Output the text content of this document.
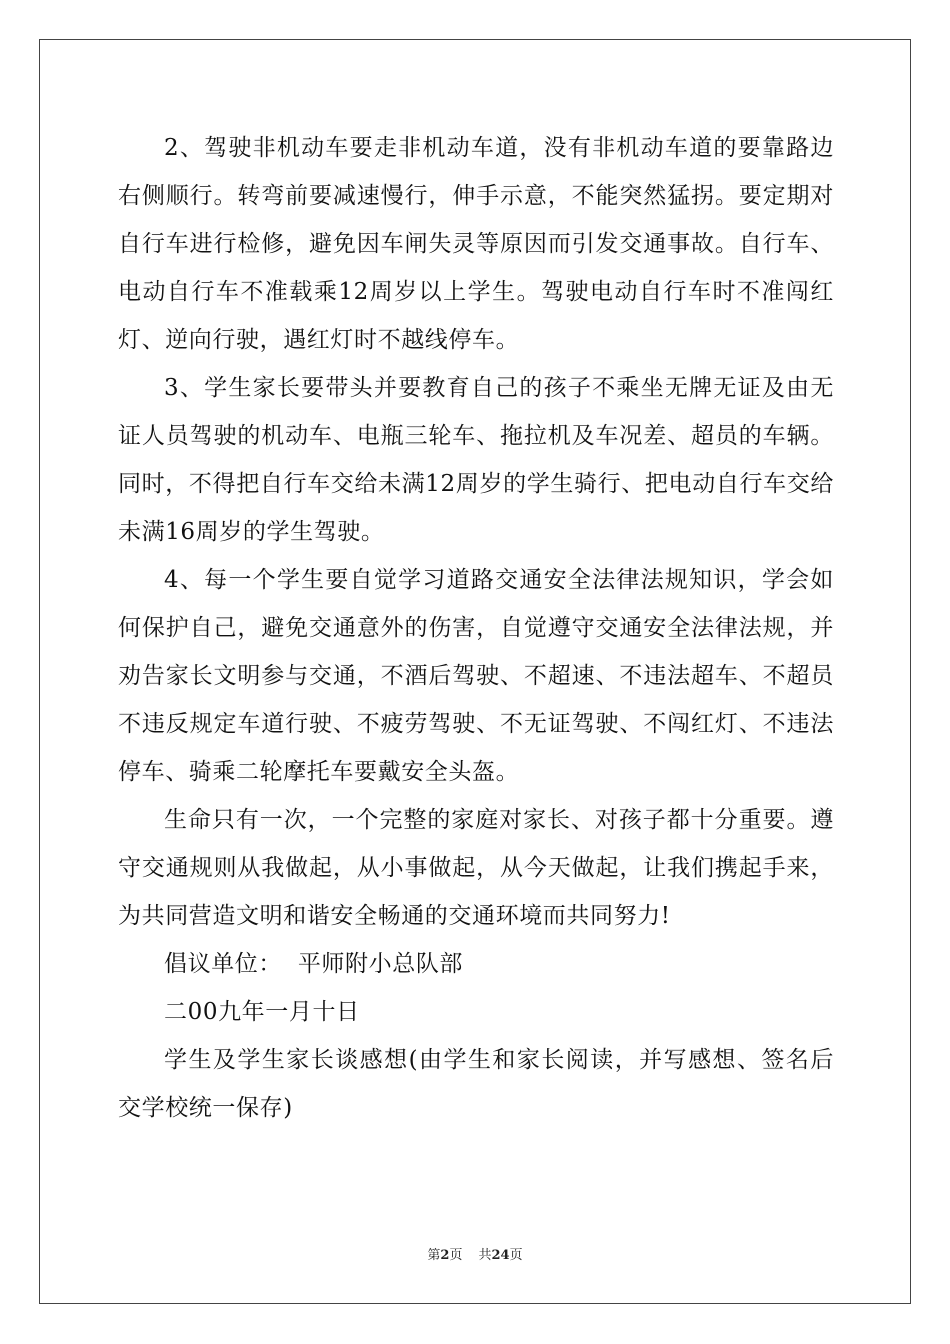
2、驾驶非机动车要走非机动车道，没有非机动车道的要靠路边右侧顺行。转弯前要减速慢行，伸手示意，不能突然猛拐。要定期对自行车进行检修，避免因车闸失灵等原因而引发交通事故。自行车、电动自行车不准载乘12周岁以上学生。驾驶电动自行车时不准闯红灯、逆向行驶，遇红灯时不越线停车。

3、学生家长要带头并要教育自己的孩子不乘坐无牌无证及由无证人员驾驶的机动车、电瓶三轮车、拖拉机及车况差、超员的车辆。同时，不得把自行车交给未满12周岁的学生骑行、把电动自行车交给未满16周岁的学生驾驶。

4、每一个学生要自觉学习道路交通安全法律法规知识，学会如何保护自己，避免交通意外的伤害，自觉遵守交通安全法律法规，并劝告家长文明参与交通，不酒后驾驶、不超速、不违法超车、不超员不违反规定车道行驶、不疲劳驾驶、不无证驾驶、不闯红灯、不违法停车、骑乘二轮摩托车要戴安全头盔。

生命只有一次，一个完整的家庭对家长、对孩子都十分重要。遵守交通规则从我做起，从小事做起，从今天做起，让我们携起手来，为共同营造文明和谐安全畅通的交通环境而共同努力!

倡议单位：  平师附小总队部

二00九年一月十日

学生及学生家长谈感想(由学生和家长阅读，并写感想、签名后交学校统一保存)

第2页 共24页
